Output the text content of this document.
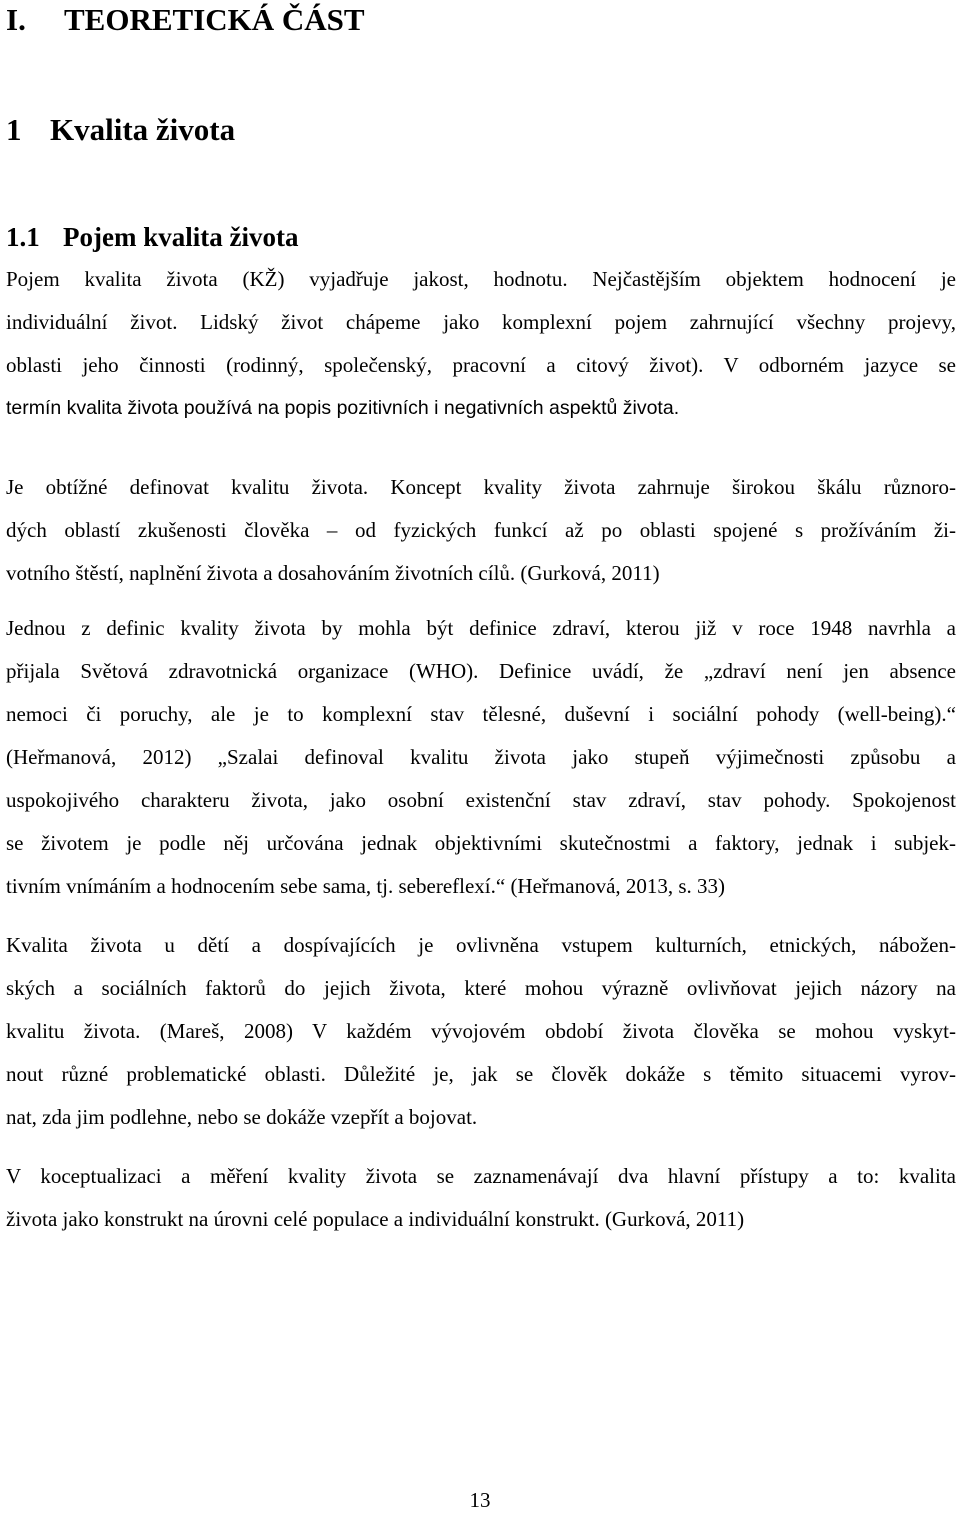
I. TEORETICKÁ ČÁST
1 Kvalita života
1.1 Pojem kvalita života
Pojem kvalita života (KŽ) vyjadřuje jakost, hodnotu. Nejčastějším objektem hodnocení je
individuální život. Lidský život chápeme jako komplexní pojem zahrnující všechny projevy,
oblasti jeho činnosti (rodinný, společenský, pracovní a citový život). V odborném jazyce se
termín kvalita života používá na popis pozitivních i negativních aspektů života.
Je obtížné definovat kvalitu života. Koncept kvality života zahrnuje širokou škálu různoro-
dých oblastí zkušenosti člověka – od fyzických funkcí až po oblasti spojené s prožíváním ži-
votního štěstí, naplnění života a dosahováním životních cílů. (Gurková, 2011)
Jednou z definic kvality života by mohla být definice zdraví, kterou již v roce 1948 navrhla a
přijala Světová zdravotnická organizace (WHO). Definice uvádí, že „zdraví není jen absence
nemoci či poruchy, ale je to komplexní stav tělesné, duševní i sociální pohody (well-being).“
(Heřmanová, 2012) „Szalai definoval kvalitu života jako stupeň výjimečnosti způsobu a
uspokojivého charakteru života, jako osobní existenční stav zdraví, stav pohody. Spokojenost
se životem je podle něj určována jednak objektivními skutečnostmi a faktory, jednak i subjek-
tivním vnímáním a hodnocením sebe sama, tj. sebereflexí.“ (Heřmanová, 2013, s. 33)
Kvalita života u dětí a dospívajících je ovlivněna vstupem kulturních, etnických, nábožen-
ských a sociálních faktorů do jejich života, které mohou výrazně ovlivňovat jejich názory na
kvalitu života. (Mareš, 2008) V každém vývojovém období života člověka se mohou vyskyt-
nout různé problematické oblasti. Důležité je, jak se člověk dokáže s těmito situacemi vyrov-
nat, zda jim podlehne, nebo se dokáže vzepřít a bojovat.
V koceptualizaci a měření kvality života se zaznamenávají dva hlavní přístupy a to: kvalita
života jako konstrukt na úrovni celé populace a individuální konstrukt. (Gurková, 2011)

13
